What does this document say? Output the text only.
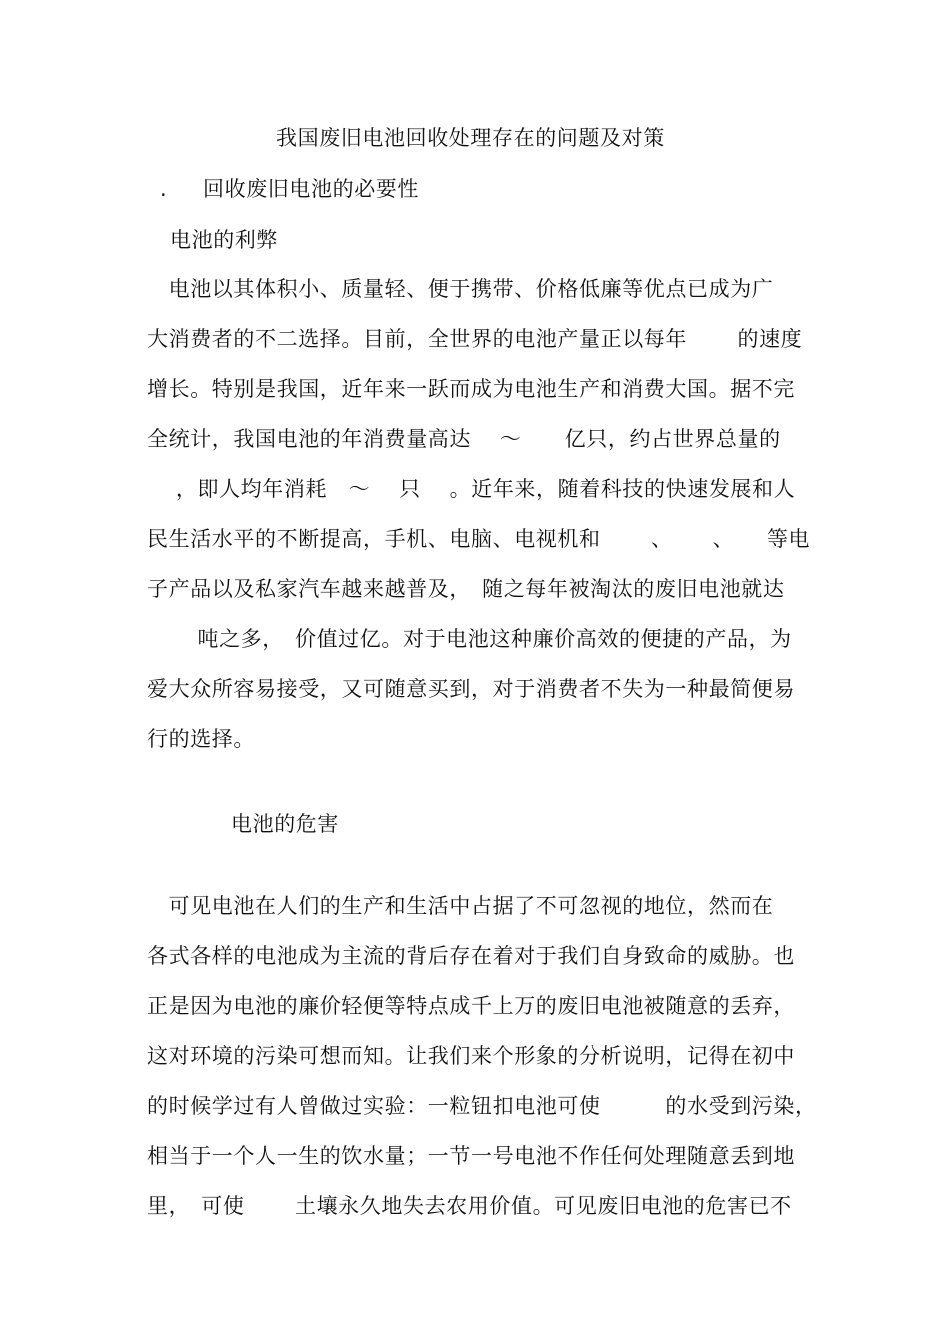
我国废旧电池回收处理存在的问题及对策
. 回收废旧电池的必要性
电池的利弊
　电池以其体积小、质量轻、便于携带、价格低廉等优点已成为广
大消费者的不二选择。目前，全世界的电池产量正以每年　　 的速度
增长。特别是我国，近年来一跃而成为电池生产和消费大国。据不完
全统计，我国电池的年消费量高达　 ～　　亿只，约占世界总量的
　 ，即人均年消耗　～　 只　 。近年来，随着科技的快速发展和人
民生活水平的不断提高，手机、电脑、电视机和　　 、　　 、　　等电
子产品以及私家汽车越来越普及，　随之每年被淘汰的废旧电池就达
　　 吨之多，　价值过亿。对于电池这种廉价高效的便捷的产品，为
爱大众所容易接受，又可随意买到，对于消费者不失为一种最简便易
行的选择。
电池的危害
　可见电池在人们的生产和生活中占据了不可忽视的地位，然而在
各式各样的电池成为主流的背后存在着对于我们自身致命的威胁。也
正是因为电池的廉价轻便等特点成千上万的废旧电池被随意的丢弃，
这对环境的污染可想而知。让我们来个形象的分析说明，记得在初中
的时候学过有人曾做过实验：一粒钮扣电池可使　　　的水受到污染，
相当于一个人一生的饮水量；一节一号电池不作任何处理随意丢到地
里，　可使　　 土壤永久地失去农用价值。可见废旧电池的危害已不
